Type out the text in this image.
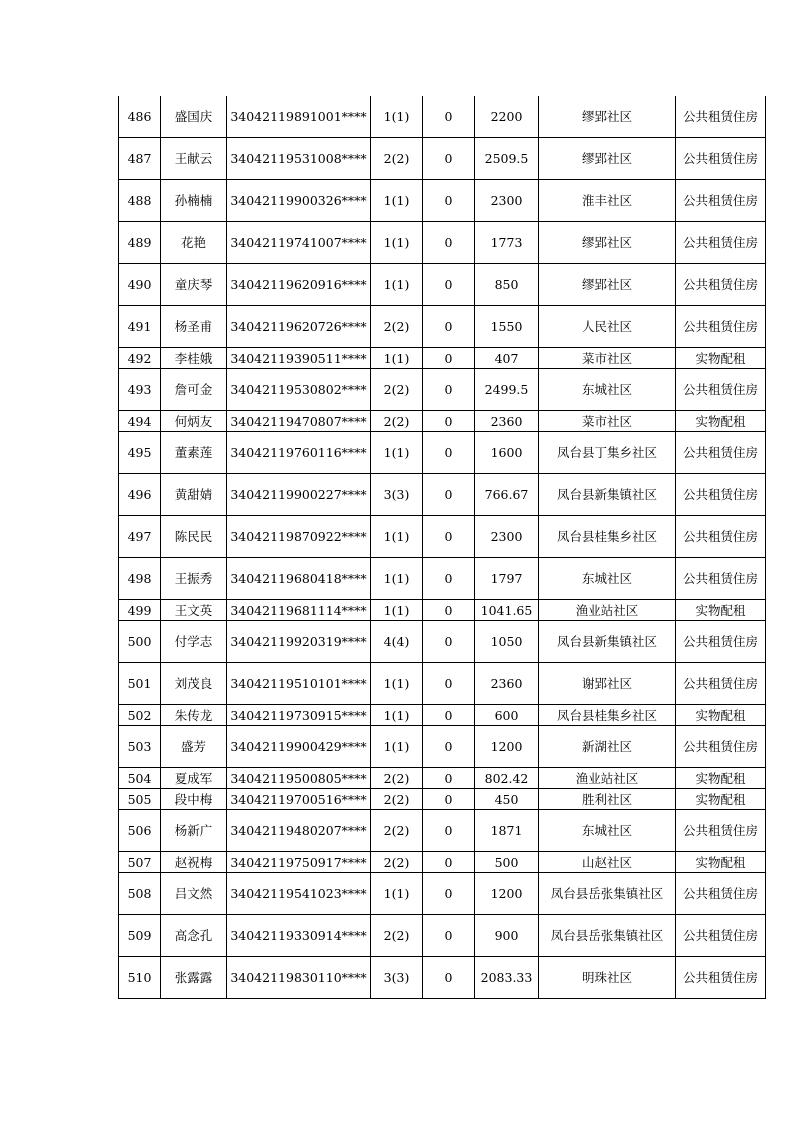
486	盛国庆	34042119891001****	1(1)	0	2200	缪郢社区	公共租赁住房
487	王献云	34042119531008****	2(2)	0	2509.5	缪郢社区	公共租赁住房
488	孙楠楠	34042119900326****	1(1)	0	2300	淮丰社区	公共租赁住房
489	花艳	34042119741007****	1(1)	0	1773	缪郢社区	公共租赁住房
490	童庆琴	34042119620916****	1(1)	0	850	缪郢社区	公共租赁住房
491	杨圣甫	34042119620726****	2(2)	0	1550	人民社区	公共租赁住房
492	李桂娥	34042119390511****	1(1)	0	407	菜市社区	实物配租
493	詹可金	34042119530802****	2(2)	0	2499.5	东城社区	公共租赁住房
494	何炳友	34042119470807****	2(2)	0	2360	菜市社区	实物配租
495	董素莲	34042119760116****	1(1)	0	1600	凤台县丁集乡社区	公共租赁住房
496	黄甜婧	34042119900227****	3(3)	0	766.67	凤台县新集镇社区	公共租赁住房
497	陈民民	34042119870922****	1(1)	0	2300	凤台县桂集乡社区	公共租赁住房
498	王振秀	34042119680418****	1(1)	0	1797	东城社区	公共租赁住房
499	王文英	34042119681114****	1(1)	0	1041.65	渔业站社区	实物配租
500	付学志	34042119920319****	4(4)	0	1050	凤台县新集镇社区	公共租赁住房
501	刘茂良	34042119510101****	1(1)	0	2360	谢郢社区	公共租赁住房
502	朱传龙	34042119730915****	1(1)	0	600	凤台县桂集乡社区	实物配租
503	盛芳	34042119900429****	1(1)	0	1200	新湖社区	公共租赁住房
504	夏成军	34042119500805****	2(2)	0	802.42	渔业站社区	实物配租
505	段中梅	34042119700516****	2(2)	0	450	胜利社区	实物配租
506	杨新广	34042119480207****	2(2)	0	1871	东城社区	公共租赁住房
507	赵祝梅	34042119750917****	2(2)	0	500	山赵社区	实物配租
508	吕文然	34042119541023****	1(1)	0	1200	凤台县岳张集镇社区	公共租赁住房
509	高念孔	34042119330914****	2(2)	0	900	凤台县岳张集镇社区	公共租赁住房
510	张露露	34042119830110****	3(3)	0	2083.33	明珠社区	公共租赁住房
